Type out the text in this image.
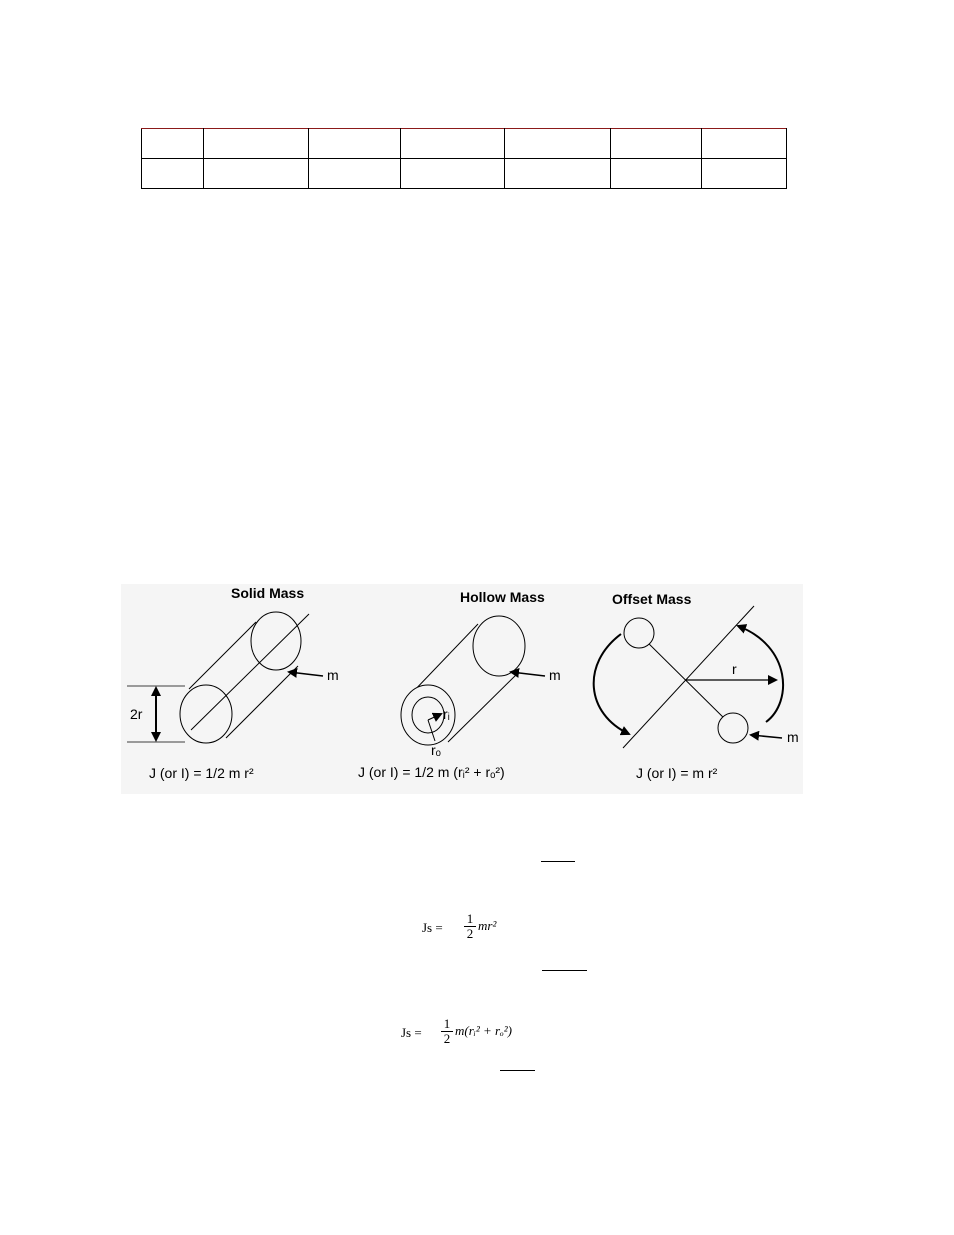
Solid Mass
m
2r
J (or I) = 1/2 m r²
Hollow Mass
rᵢ
rₒ
m
J (or I) = 1/2 m (rᵢ² + rₒ²)
Offset Mass
r
m
J (or I) = m r²
$Js = \frac{1}{2} mr^2$
$Js = \frac{1}{2}$ m(rᵢ² + rₒ²)
